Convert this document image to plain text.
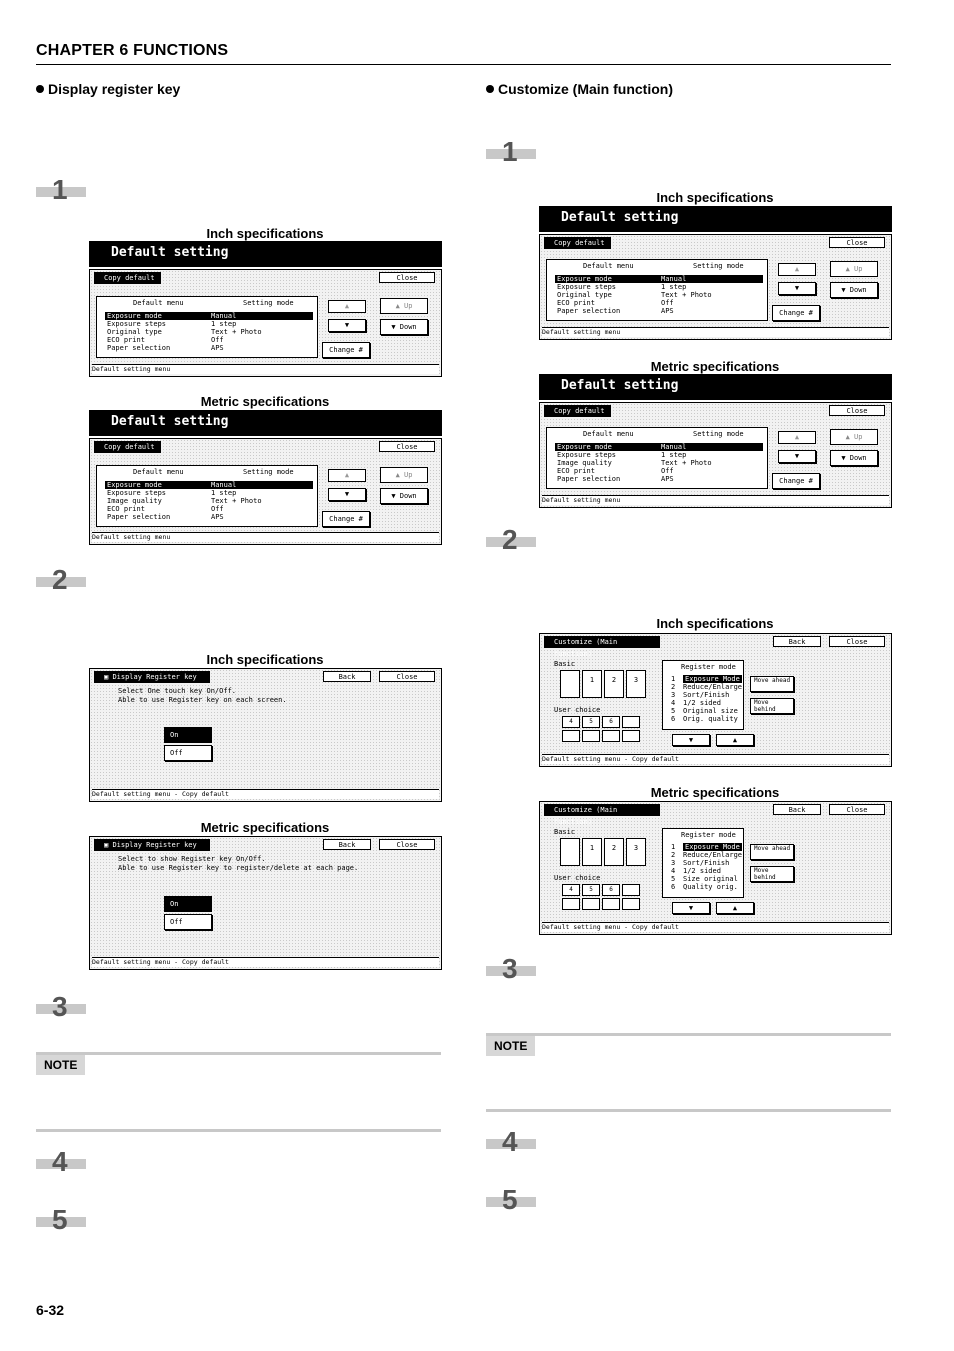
CHAPTER 6 FUNCTIONS
Display register key
1
Inch specifications
Default setting
Copy default	Close
Default menu	Setting mode
Exposure mode	Manual
Exposure steps	1 step
Original type	Text + Photo
ECO print	Off
Paper selection	APS
▲
▼
▲ Up
▼ Down
Change #
Default setting menu
Metric specifications
Default setting
Copy default	Close
Default menu	Setting mode
Exposure mode	Manual
Exposure steps	1 step
Image quality	Text + Photo
ECO print	Off
Paper selection	APS
▲
▼
▲ Up
▼ Down
Change #
Default setting menu
2
Inch specifications
▣ Display Register key	Back	Close
Select One touch key On/Off.
Able to use Register key on each screen.
On
Off
Default setting menu - Copy default
Metric specifications
▣ Display Register key	Back	Close
Select to show Register key On/Off.
Able to use Register key to register/delete at each page.
On
Off
Default setting menu - Copy default
3
NOTE
4
5
Customize (Main function)
1
Inch specifications
Default setting
Copy default	Close
Default menu	Setting mode
Exposure mode	Manual
Exposure steps	1 step
Original type	Text + Photo
ECO print	Off
Paper selection	APS
▲
▼
▲ Up
▼ Down
Change #
Default setting menu
Metric specifications
Default setting
Copy default	Close
Default menu	Setting mode
Exposure mode	Manual
Exposure steps	1 step
Image quality	Text + Photo
ECO print	Off
Paper selection	APS
▲
▼
▲ Up
▼ Down
Change #
Default setting menu
2
Inch specifications
Customize (Main function)
Back	Close
Basic
1	2	3
User choice
4	5	6
Register mode
1 Exposure Mode
2 Reduce/Enlarge
3 Sort/Finish
4 1/2 sided
5 Original size
6 Orig. quality
Move ahead
Move behind
▼	▲
Default setting menu - Copy default
Metric specifications
Customize (Main function)
Back	Close
Basic
1	2	3
User choice
4	5	6
Register mode
1 Exposure Mode
2 Reduce/Enlarge
3 Sort/Finish
4 1/2 sided
5 Size original
6 Quality orig.
Move ahead
Move behind
▼	▲
Default setting menu - Copy default
3
NOTE
4
5
6-32
